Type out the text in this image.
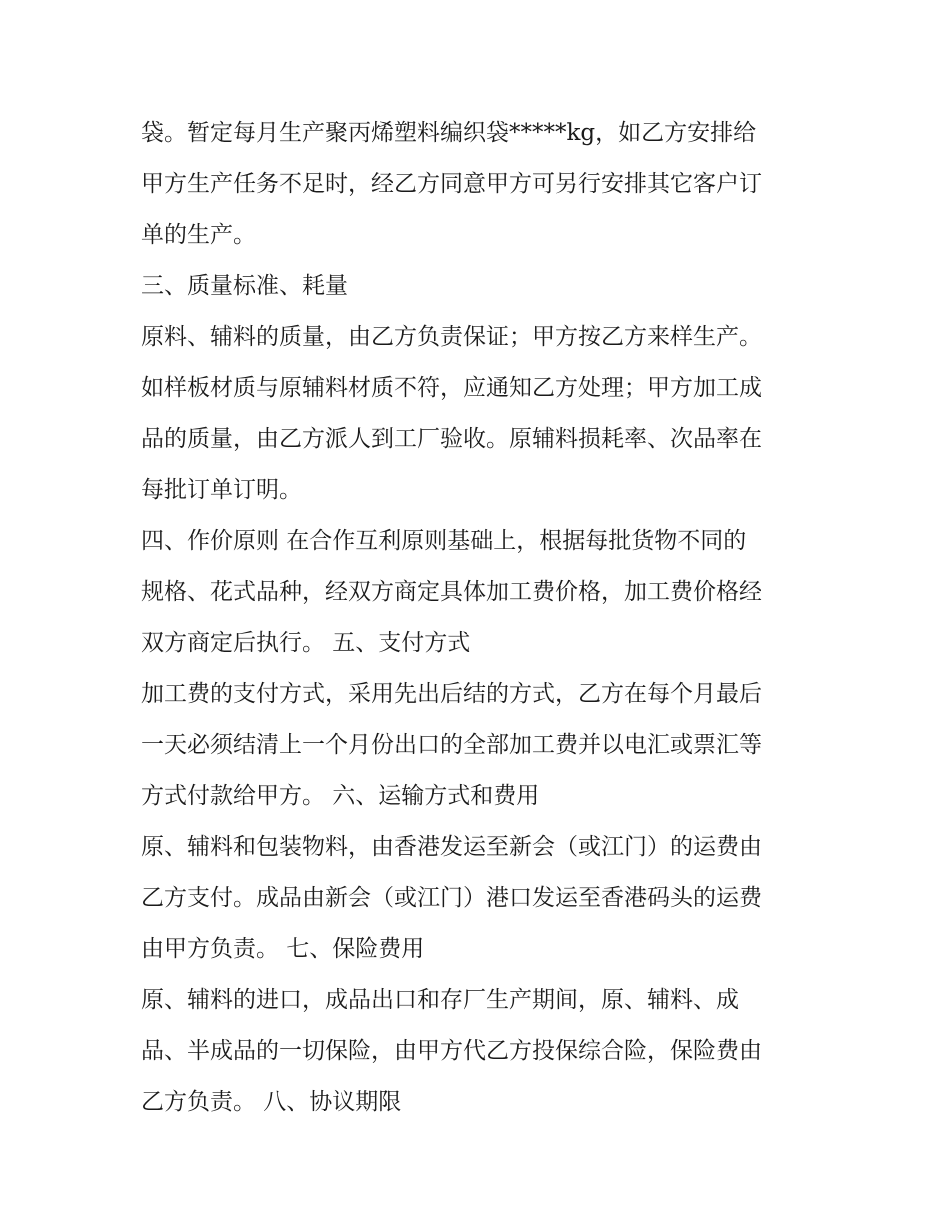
袋。暂定每月生产聚丙烯塑料编织袋*****kg，如乙方安排给
甲方生产任务不足时，经乙方同意甲方可另行安排其它客户订
单的生产。
三、质量标准、耗量
原料、辅料的质量，由乙方负责保证；甲方按乙方来样生产。
如样板材质与原辅料材质不符，应通知乙方处理；甲方加工成
品的质量，由乙方派人到工厂验收。原辅料损耗率、次品率在
每批订单订明。
四、作价原则 在合作互利原则基础上，根据每批货物不同的
规格、花式品种，经双方商定具体加工费价格，加工费价格经
双方商定后执行。 五、支付方式
加工费的支付方式，采用先出后结的方式，乙方在每个月最后
一天必须结清上一个月份出口的全部加工费并以电汇或票汇等
方式付款给甲方。 六、运输方式和费用
原、辅料和包装物料，由香港发运至新会（或江门）的运费由
乙方支付。成品由新会（或江门）港口发运至香港码头的运费
由甲方负责。 七、保险费用
原、辅料的进口，成品出口和存厂生产期间，原、辅料、成
品、半成品的一切保险，由甲方代乙方投保综合险，保险费由
乙方负责。 八、协议期限
